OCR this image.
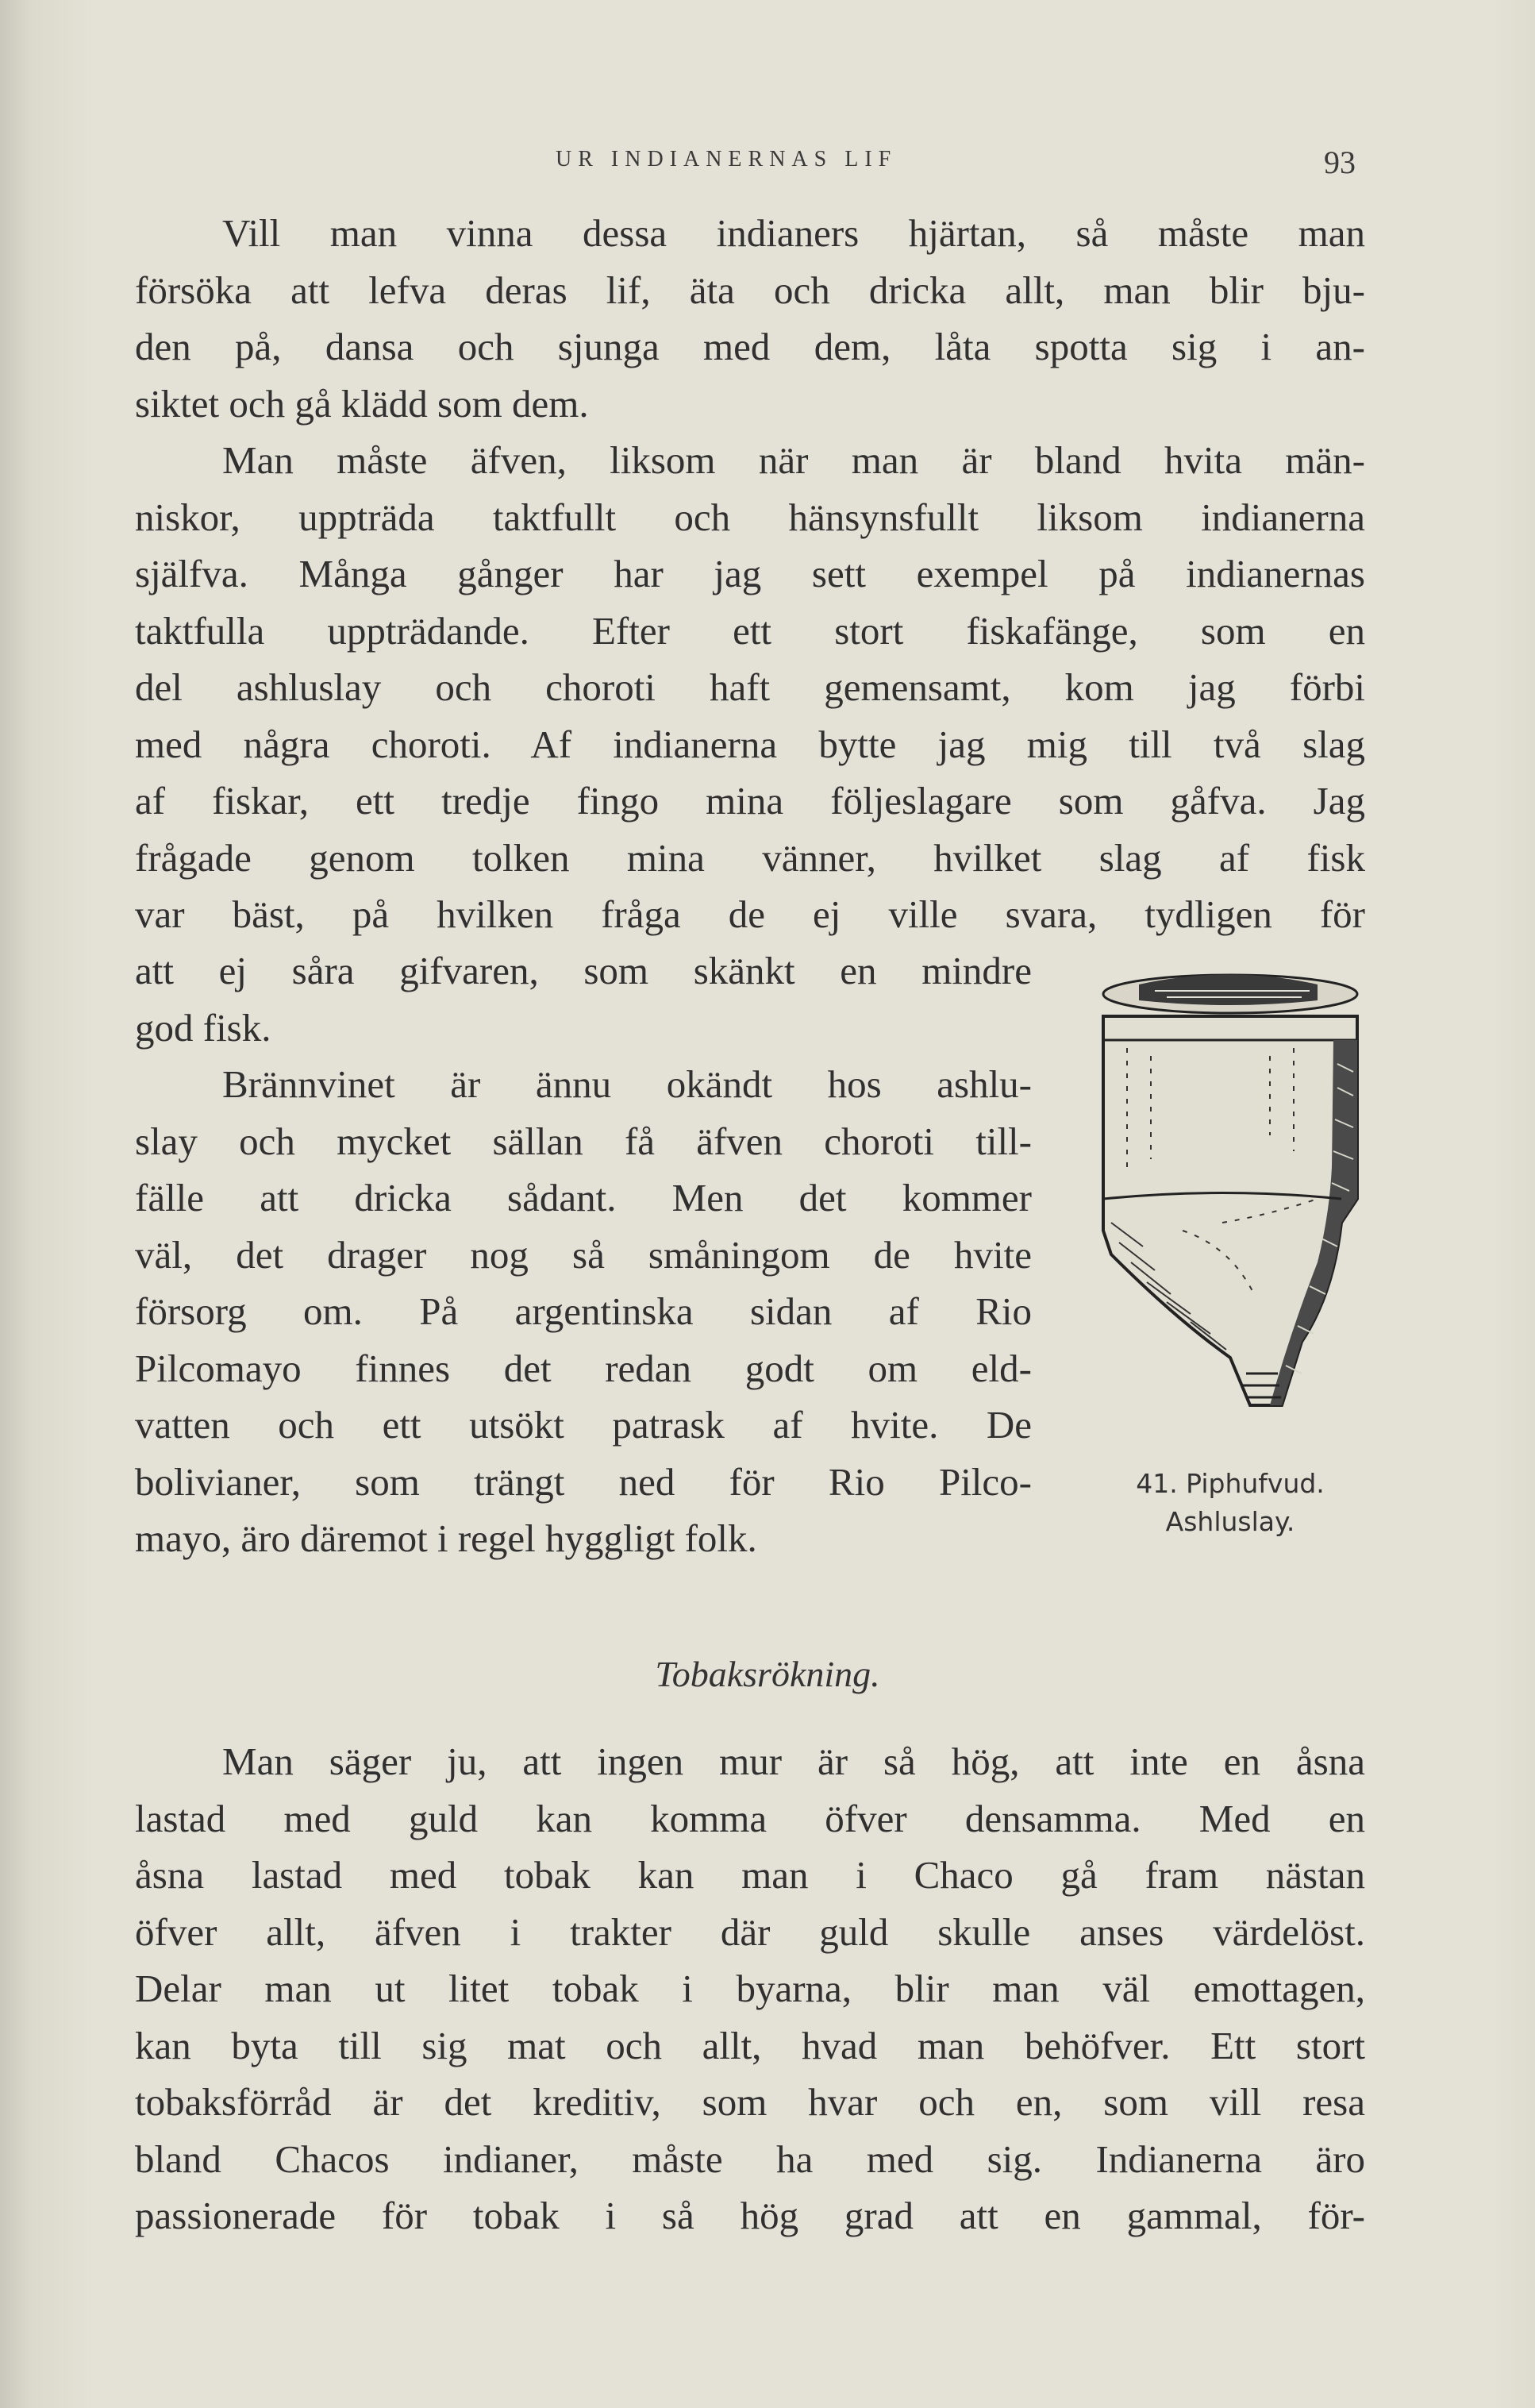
UR INDIANERNAS LIF	93
Vill man vinna dessa indianers hjärtan, så måste man
försöka att lefva deras lif, äta och dricka allt, man blir bju-
den på, dansa och sjunga med dem, låta spotta sig i an-
siktet och gå klädd som dem.
Man måste äfven, liksom när man är bland hvita män-
niskor, uppträda taktfullt och hänsynsfullt liksom indianerna
själfva. Många gånger har jag sett exempel på indianernas
taktfulla uppträdande. Efter ett stort fiskafänge, som en
del ashluslay och choroti haft gemensamt, kom jag förbi
med några choroti. Af indianerna bytte jag mig till två slag
af fiskar, ett tredje fingo mina följeslagare som gåfva. Jag
frågade genom tolken mina vänner, hvilket slag af fisk
var bäst, på hvilken fråga de ej ville svara, tydligen för
att ej såra gifvaren, som skänkt en mindre
god fisk.
Brännvinet är ännu okändt hos ashlu-
slay och mycket sällan få äfven choroti till-
fälle att dricka sådant. Men det kommer
väl, det drager nog så småningom de hvite
försorg om. På argentinska sidan af Rio
Pilcomayo finnes det redan godt om eld-
vatten och ett utsökt patrask af hvite. De
bolivianer, som trängt ned för Rio Pilco-
mayo, äro däremot i regel hyggligt folk.
41. Piphufvud.
Ashluslay.
Tobaksrökning.
Man säger ju, att ingen mur är så hög, att inte en åsna
lastad med guld kan komma öfver densamma. Med en
åsna lastad med tobak kan man i Chaco gå fram nästan
öfver allt, äfven i trakter där guld skulle anses värdelöst.
Delar man ut litet tobak i byarna, blir man väl emottagen,
kan byta till sig mat och allt, hvad man behöfver. Ett stort
tobaksförråd är det kreditiv, som hvar och en, som vill resa
bland Chacos indianer, måste ha med sig. Indianerna äro
passionerade för tobak i så hög grad att en gammal, för-
